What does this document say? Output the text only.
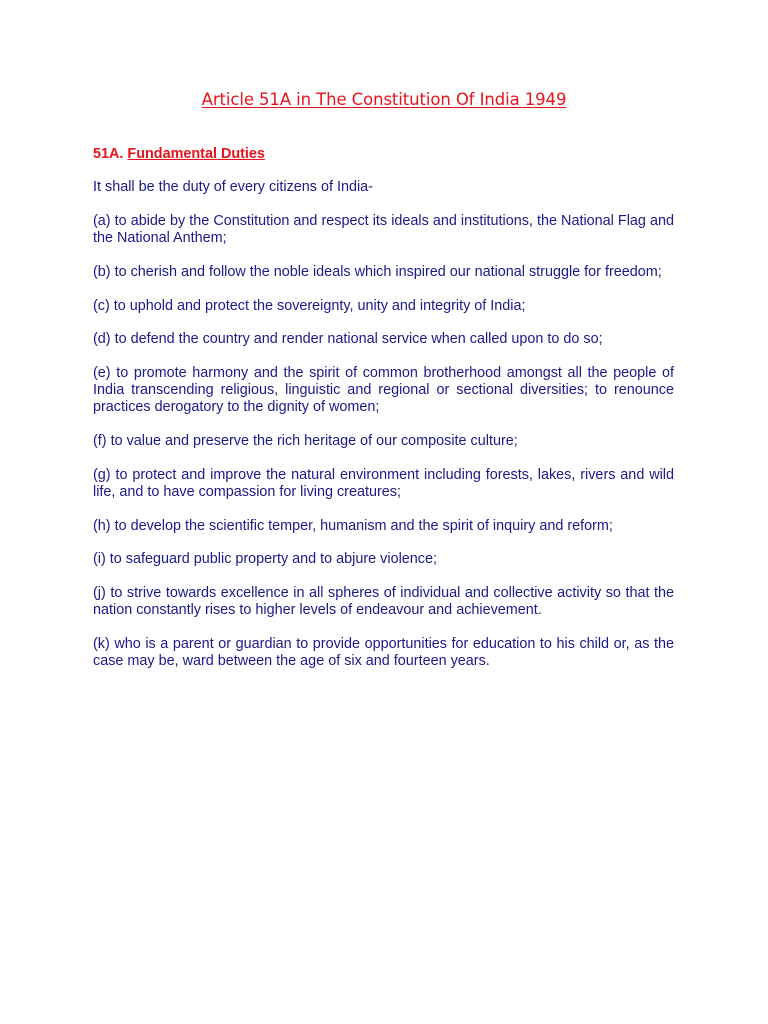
Article 51A in The Constitution Of India 1949

51A. Fundamental Duties

It shall be the duty of every citizens of India-

(a) to abide by the Constitution and respect its ideals and institutions, the National Flag and the National Anthem;

(b) to cherish and follow the noble ideals which inspired our national struggle for freedom;

(c) to uphold and protect the sovereignty, unity and integrity of India;

(d) to defend the country and render national service when called upon to do so;

(e) to promote harmony and the spirit of common brotherhood amongst all the people of India transcending religious, linguistic and regional or sectional diversities; to renounce practices derogatory to the dignity of women;

(f) to value and preserve the rich heritage of our composite culture;

(g) to protect and improve the natural environment including forests, lakes, rivers and wild life, and to have compassion for living creatures;

(h) to develop the scientific temper, humanism and the spirit of inquiry and reform;

(i) to safeguard public property and to abjure violence;

(j) to strive towards excellence in all spheres of individual and collective activity so that the nation constantly rises to higher levels of endeavour and achievement.

(k) who is a parent or guardian to provide opportunities for education to his child or, as the case may be, ward between the age of six and fourteen years.
